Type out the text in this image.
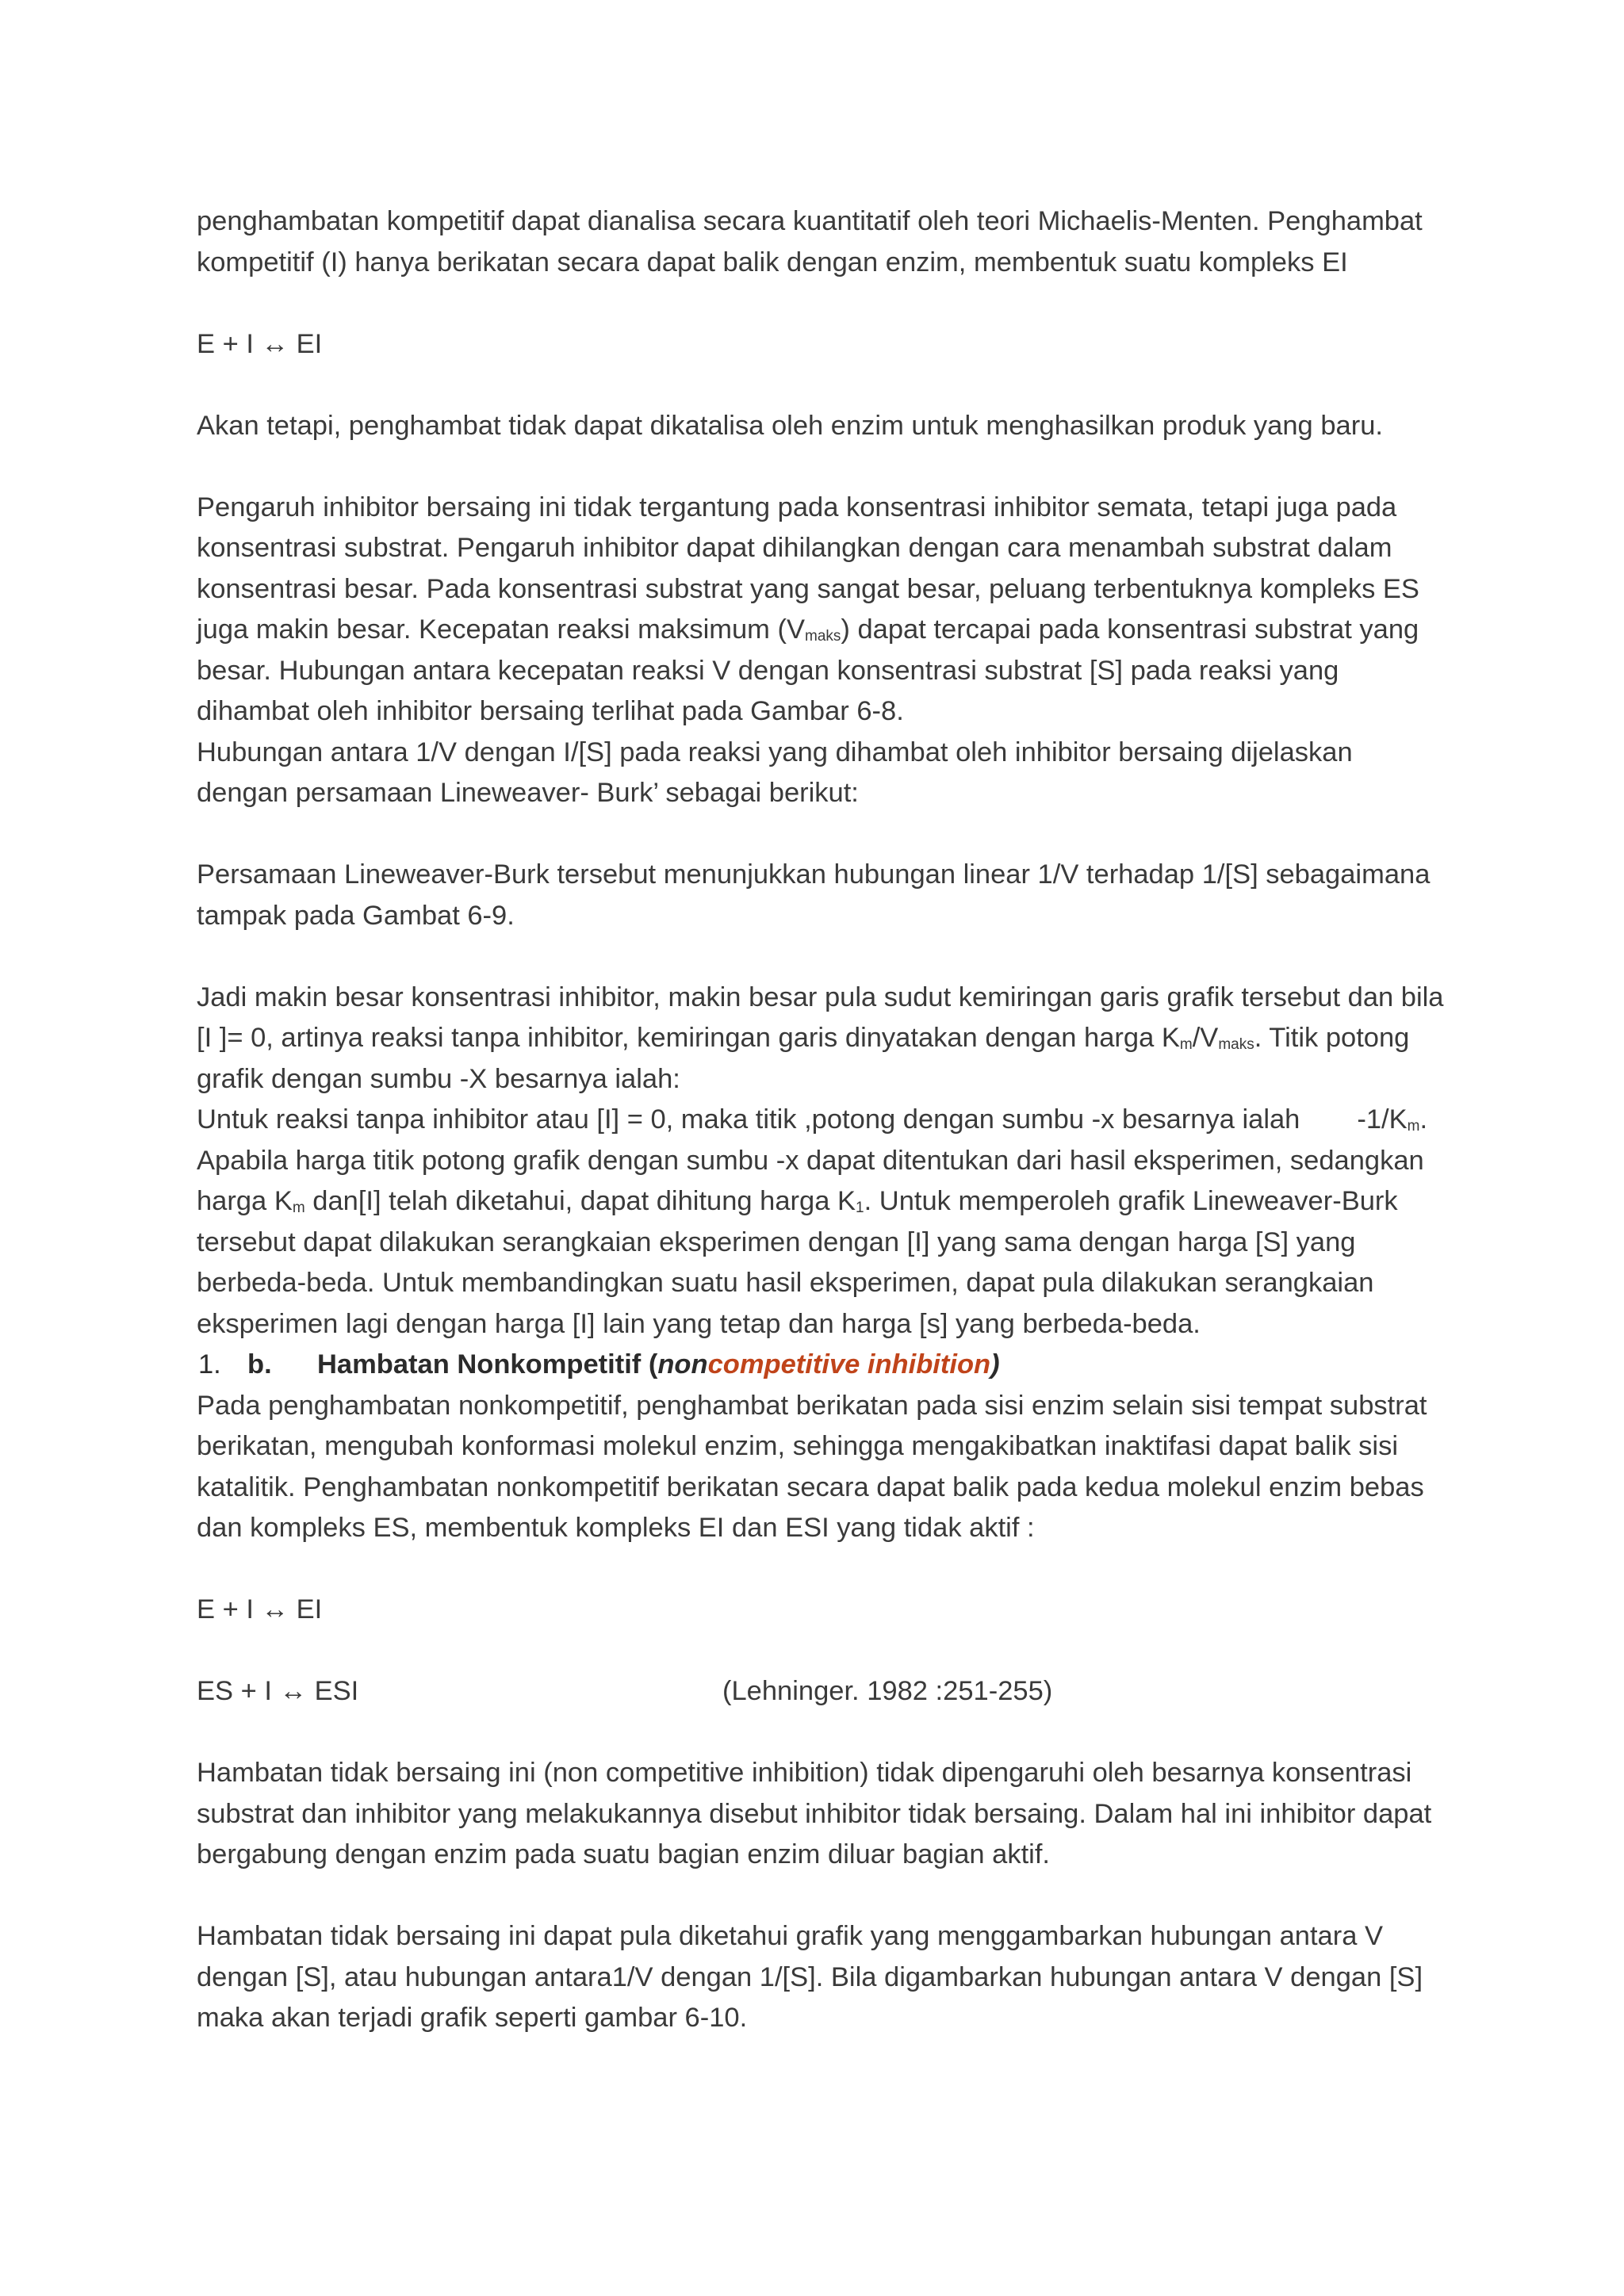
penghambatan kompetitif dapat dianalisa secara kuantitatif oleh teori Michaelis-Menten. Penghambat kompetitif (I) hanya berikatan secara dapat balik dengan enzim, membentuk suatu kompleks EI

E + I ↔ EI

Akan tetapi, penghambat tidak dapat dikatalisa oleh enzim untuk menghasilkan produk yang baru.

Pengaruh inhibitor bersaing ini tidak tergantung pada konsentrasi inhibitor semata, tetapi juga pada konsentrasi substrat. Pengaruh inhibitor dapat dihilangkan dengan cara menambah substrat dalam konsentrasi besar. Pada konsentrasi substrat yang sangat besar, peluang terbentuknya kompleks ES juga makin besar. Kecepatan reaksi maksimum $(V_{maks})$ dapat tercapai pada konsentrasi substrat yang besar. Hubungan antara kecepatan reaksi V dengan konsentrasi substrat [S] pada reaksi yang dihambat oleh inhibitor bersaing terlihat pada Gambar 6-8.

Hubungan antara 1/V dengan I/[S] pada reaksi yang dihambat oleh inhibitor bersaing dijelaskan dengan persamaan Lineweaver- Burk’ sebagai berikut:

Persamaan Lineweaver-Burk tersebut menunjukkan hubungan linear 1/V terhadap 1/[S] sebagaimana tampak pada Gambat 6-9.

Jadi makin besar konsentrasi inhibitor, makin besar pula sudut kemiringan garis grafik tersebut dan bila [I ]= 0, artinya reaksi tanpa inhibitor, kemiringan garis dinyatakan dengan harga $K_m/V_{maks}$. Titik potong grafik dengan sumbu -X besarnya ialah:

Untuk reaksi tanpa inhibitor atau [I] = 0, maka titik ,potong dengan sumbu -x besarnya ialah $-1/K_m$.

Apabila harga titik potong grafik dengan sumbu -x dapat ditentukan dari hasil eksperimen, sedangkan harga $K_m$ dan[I] telah diketahui, dapat dihitung harga $K_1$. Untuk memperoleh grafik Lineweaver-Burk tersebut dapat dilakukan serangkaian eksperimen dengan [I] yang sama dengan harga [S] yang berbeda-beda. Untuk membandingkan suatu hasil eksperimen, dapat pula dilakukan serangkaian eksperimen lagi dengan harga [I] lain yang tetap dan harga [s] yang berbeda-beda.

1. b. Hambatan Nonkompetitif (noncompetitive inhibition)

Pada penghambatan nonkompetitif, penghambat berikatan pada sisi enzim selain sisi tempat substrat berikatan, mengubah konformasi molekul enzim, sehingga mengakibatkan inaktifasi dapat balik sisi katalitik. Penghambatan nonkompetitif berikatan secara dapat balik pada kedua molekul enzim bebas dan kompleks ES, membentuk kompleks EI dan ESI yang tidak aktif :

E + I ↔ EI

ES + I ↔ ESI	(Lehninger. 1982 :251-255)

Hambatan tidak bersaing ini (non competitive inhibition) tidak dipengaruhi oleh besarnya konsentrasi substrat dan inhibitor yang melakukannya disebut inhibitor tidak bersaing. Dalam hal ini inhibitor dapat bergabung dengan enzim pada suatu bagian enzim diluar bagian aktif.

Hambatan tidak bersaing ini dapat pula diketahui grafik yang menggambarkan hubungan antara V dengan [S], atau hubungan antara1/V dengan 1/[S]. Bila digambarkan hubungan antara V dengan [S] maka akan terjadi grafik seperti gambar 6-10.
